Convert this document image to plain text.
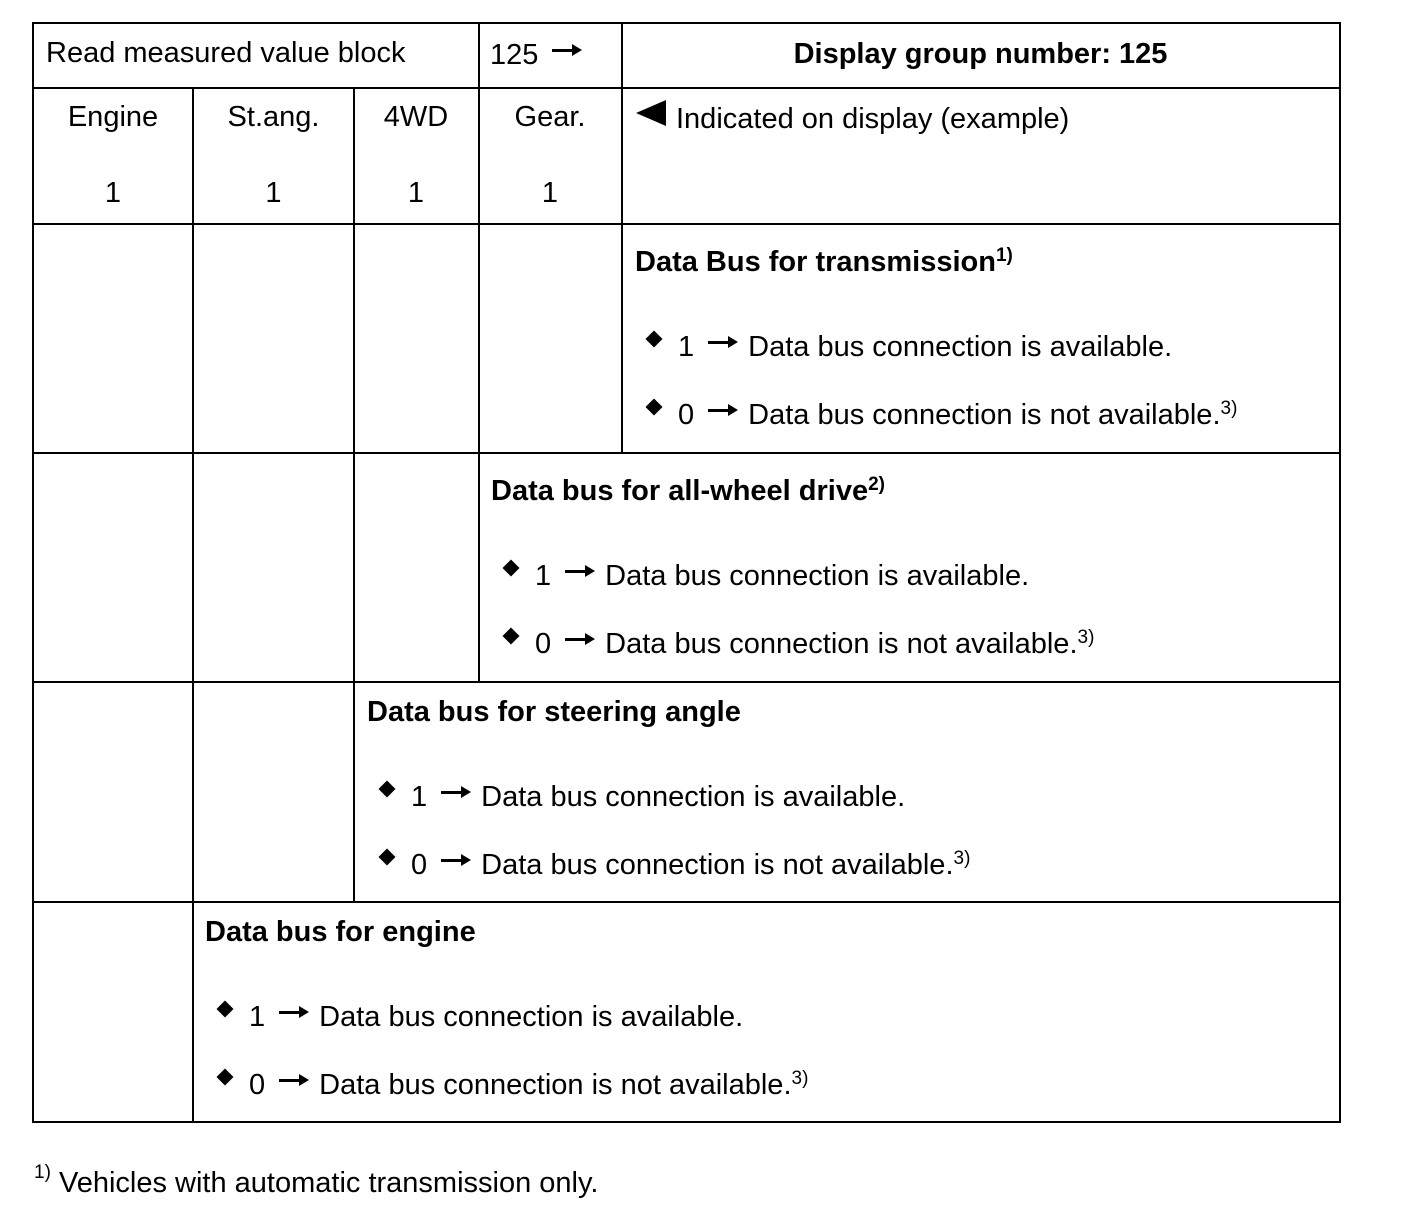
Read measured value block	125	Display group number: 125
Engine
1
St.ang.
1
4WD
1
Gear.
1
Indicated on display (example)
Data Bus for transmission$^{1)}$
1 Data bus connection is available.
0 Data bus connection is not available.$^{3)}$
Data bus for all-wheel drive$^{2)}$
1 Data bus connection is available.
0 Data bus connection is not available.$^{3)}$
Data bus for steering angle
1 Data bus connection is available.
0 Data bus connection is not available.$^{3)}$
Data bus for engine
1 Data bus connection is available.
0 Data bus connection is not available.$^{3)}$
$^{1)}$ Vehicles with automatic transmission only.
